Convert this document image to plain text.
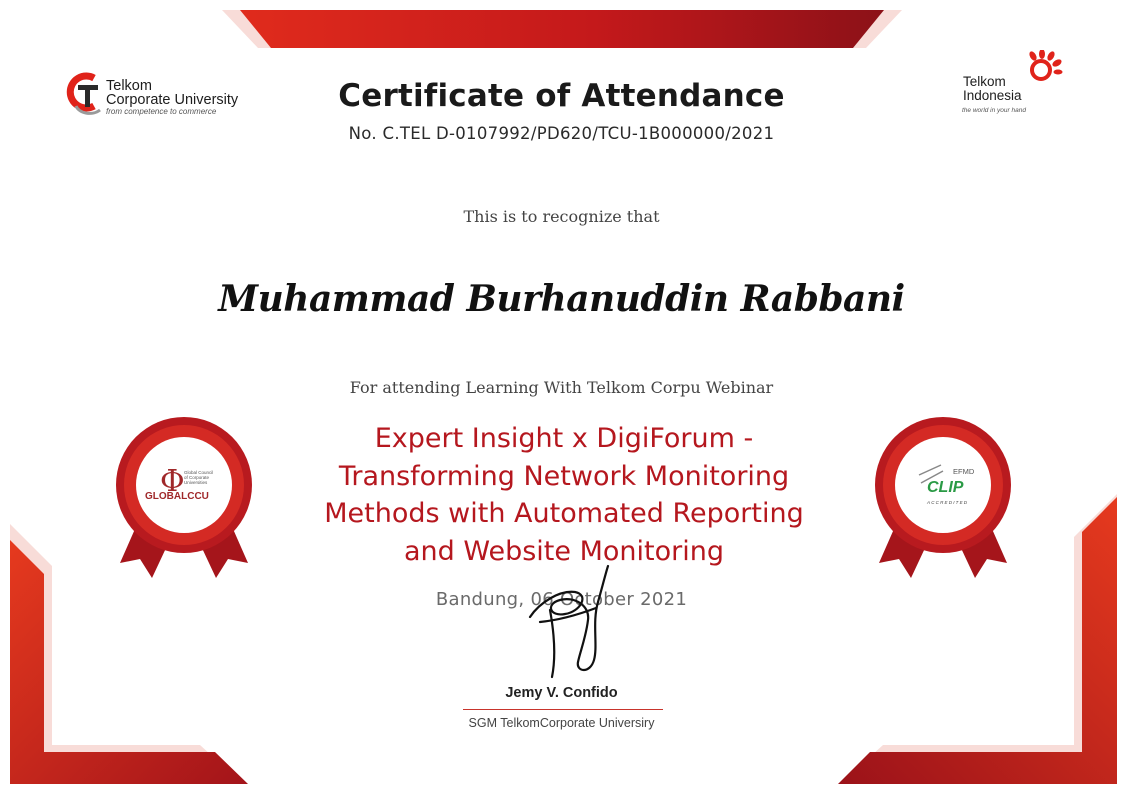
Telkom
Corporate University
from competence to commerce
Telkom
Indonesia
the world in your hand
Certificate of Attendance
No. C.TEL D-0107992/PD620/TCU-1B000000/2021
This is to recognize that
Muhammad Burhanuddin Rabbani
For attending Learning With Telkom Corpu Webinar
Expert Insight x DigiForum -
Transforming Network Monitoring
Methods with Automated Reporting
and Website Monitoring
Φ Global Council of Corporate Universities
GLOBALCCU
EFMD
CLIP
ACCREDITED
Bandung, 06 October 2021
Jemy V. Confido
SGM TelkomCorporate Universiry
